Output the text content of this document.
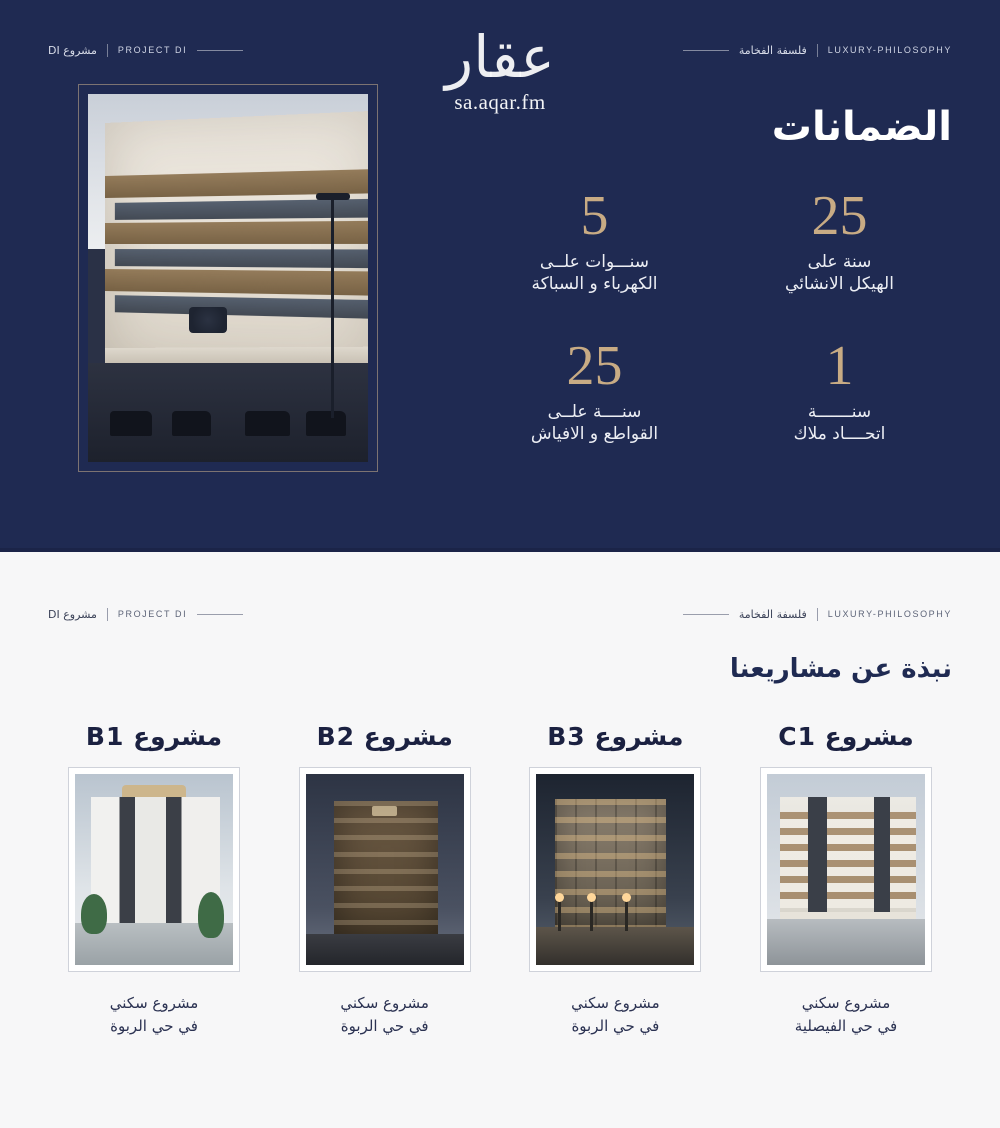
PROJECT DI
مشروع DI	LUXURY-PHILOSOPHY
فلسفة الفخامة
عقار
sa.aqar.fm
الضمانات
25
سنة على
الهيكل الانشائي
5
سنـــوات علــى
الكهرباء و السباكة
1
سنـــــــة
اتحــــاد ملاك
25
سنــــة علــى
القواطع و الافياش
PROJECT DI
مشروع DI	LUXURY-PHILOSOPHY
فلسفة الفخامة
نبذة عن مشاريعنا
مشروع C1
مشروع سكني
في حي الفيصلية
مشروع B3
مشروع سكني
في حي الربوة
مشروع B2
مشروع سكني
في حي الربوة
مشروع B1
مشروع سكني
في حي الربوة
